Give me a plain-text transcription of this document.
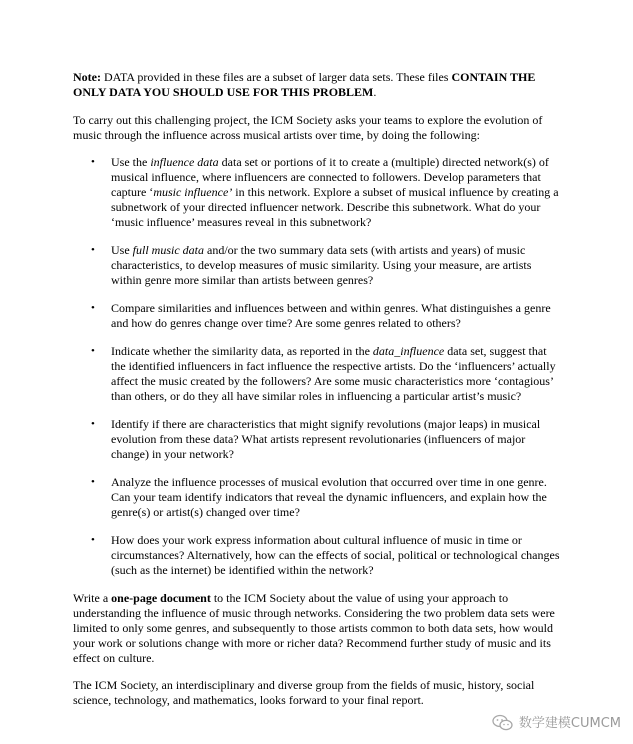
Note: DATA provided in these files are a subset of larger data sets. These files CONTAIN THE ONLY DATA YOU SHOULD USE FOR THIS PROBLEM.

To carry out this challenging project, the ICM Society asks your teams to explore the evolution of music through the influence across musical artists over time, by doing the following:

• Use the influence data data set or portions of it to create a (multiple) directed network(s) of musical influence, where influencers are connected to followers. Develop parameters that capture ‘music influence’ in this network. Explore a subset of musical influence by creating a subnetwork of your directed influencer network. Describe this subnetwork. What do your ‘music influence’ measures reveal in this subnetwork?
• Use full music data and/or the two summary data sets (with artists and years) of music characteristics, to develop measures of music similarity. Using your measure, are artists within genre more similar than artists between genres?
• Compare similarities and influences between and within genres. What distinguishes a genre and how do genres change over time? Are some genres related to others?
• Indicate whether the similarity data, as reported in the data_influence data set, suggest that the identified influencers in fact influence the respective artists. Do the ‘influencers’ actually affect the music created by the followers? Are some music characteristics more ‘contagious’ than others, or do they all have similar roles in influencing a particular artist’s music?
• Identify if there are characteristics that might signify revolutions (major leaps) in musical evolution from these data? What artists represent revolutionaries (influencers of major change) in your network?
• Analyze the influence processes of musical evolution that occurred over time in one genre. Can your team identify indicators that reveal the dynamic influencers, and explain how the genre(s) or artist(s) changed over time?
• How does your work express information about cultural influence of music in time or circumstances? Alternatively, how can the effects of social, political or technological changes (such as the internet) be identified within the network?

Write a one-page document to the ICM Society about the value of using your approach to understanding the influence of music through networks. Considering the two problem data sets were limited to only some genres, and subsequently to those artists common to both data sets, how would your work or solutions change with more or richer data? Recommend further study of music and its effect on culture.

The ICM Society, an interdisciplinary and diverse group from the fields of music, history, social science, technology, and mathematics, looks forward to your final report.

数学建模CUMCM
